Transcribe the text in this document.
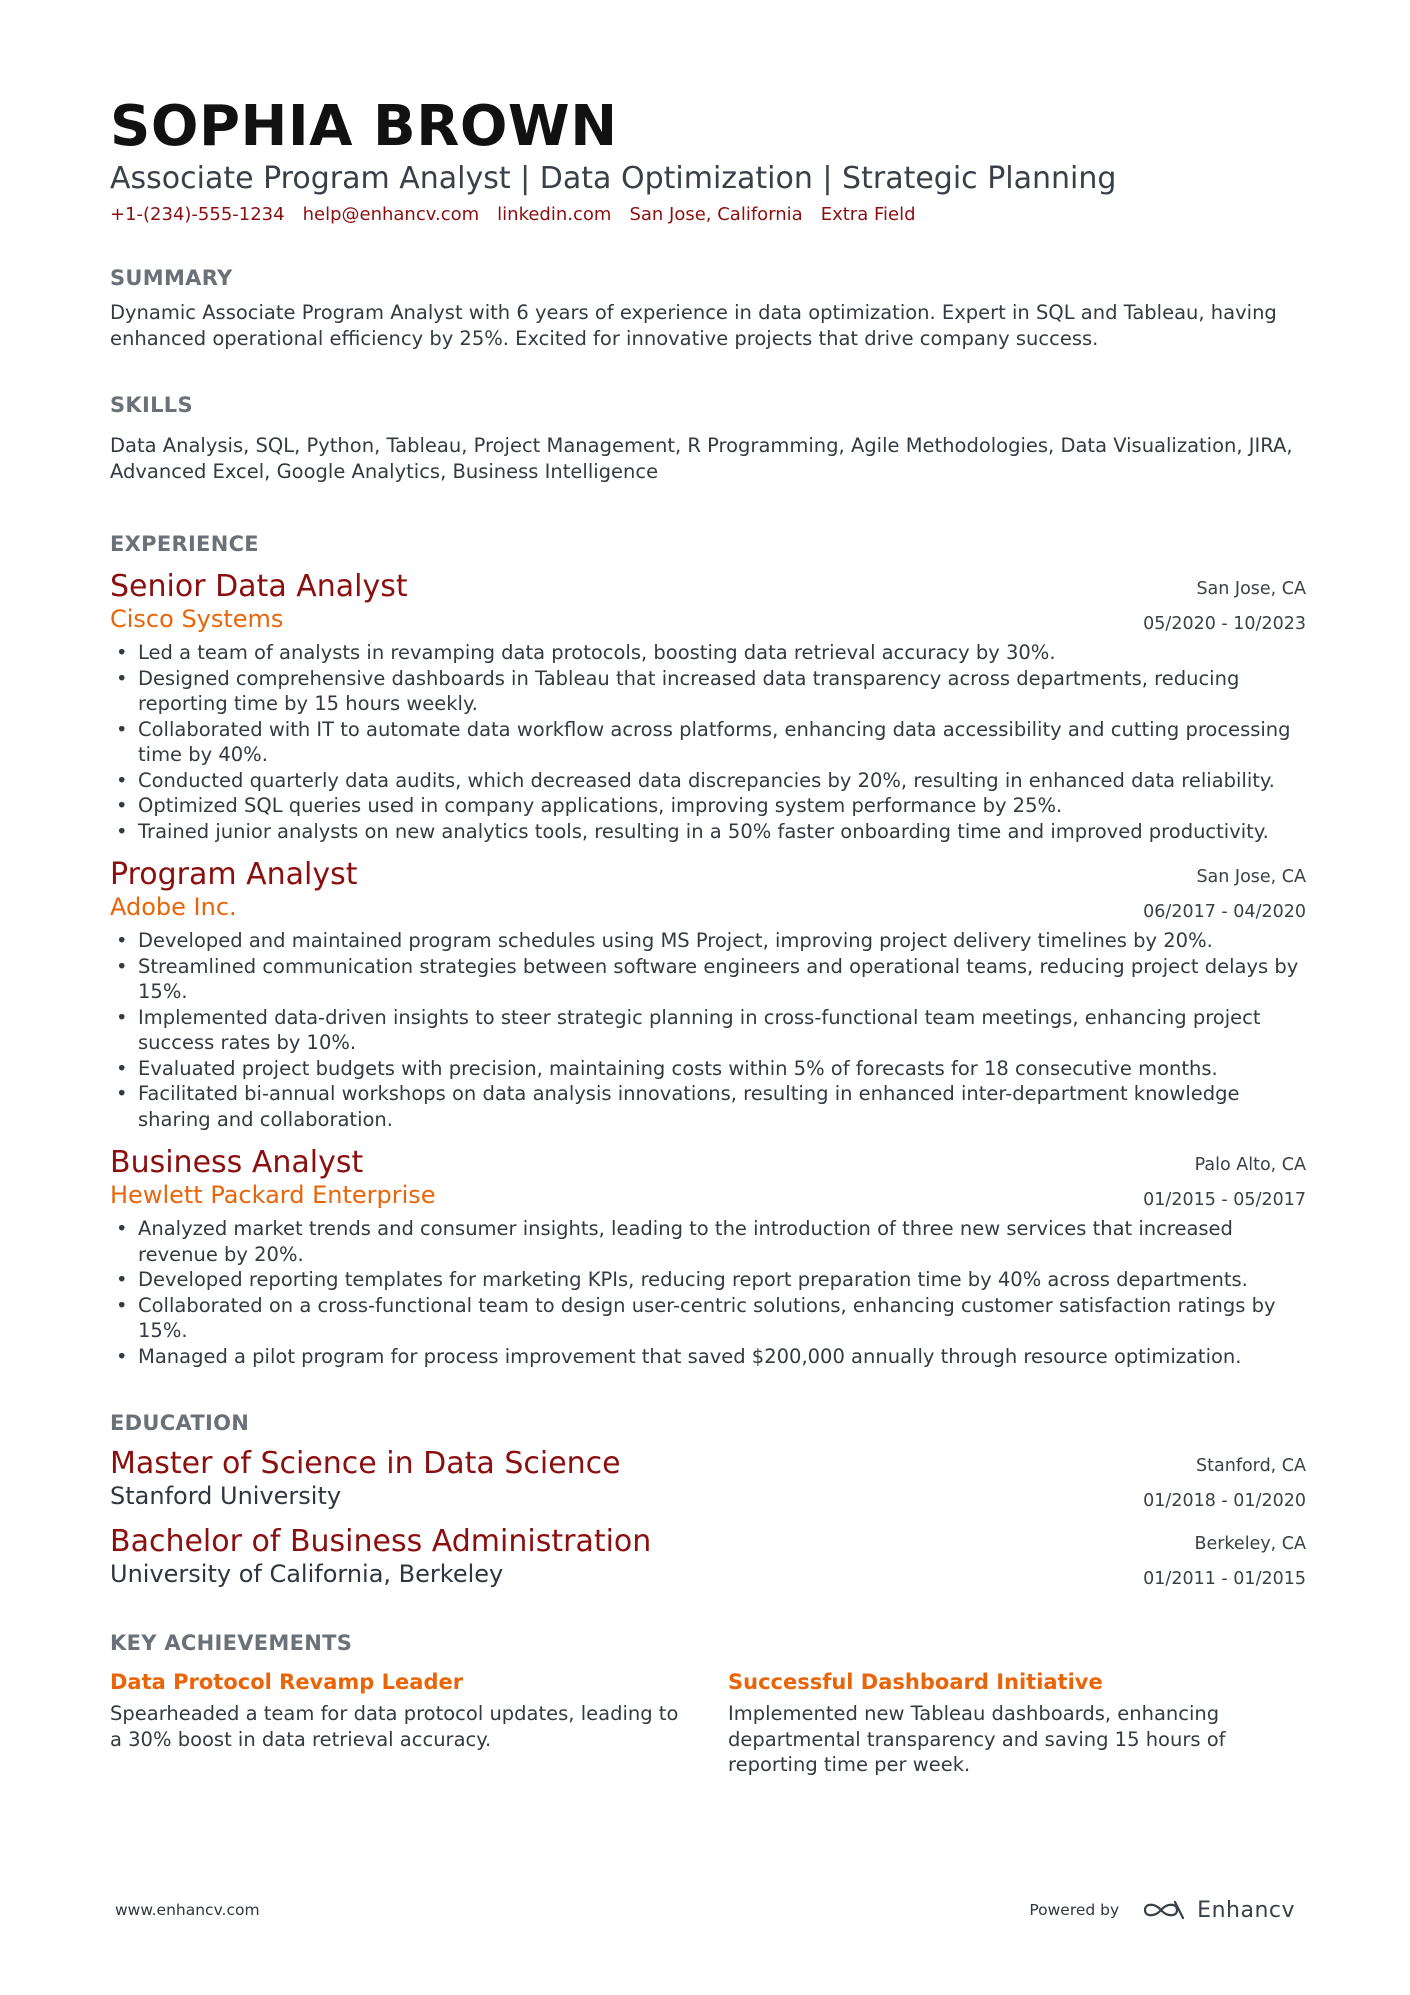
SOPHIA BROWN
Associate Program Analyst | Data Optimization | Strategic Planning
+1-(234)-555-1234 help@enhancv.com linkedin.com San Jose, California Extra Field
SUMMARY
Dynamic Associate Program Analyst with 6 years of experience in data optimization. Expert in SQL and Tableau, having enhanced operational efficiency by 25%. Excited for innovative projects that drive company success.
SKILLS
Data Analysis, SQL, Python, Tableau, Project Management, R Programming, Agile Methodologies, Data Visualization, JIRA, Advanced Excel, Google Analytics, Business Intelligence
EXPERIENCE
Senior Data Analyst
Cisco Systems
San Jose, CA
05/2020 - 10/2023
• Led a team of analysts in revamping data protocols, boosting data retrieval accuracy by 30%.
• Designed comprehensive dashboards in Tableau that increased data transparency across departments, reducing reporting time by 15 hours weekly.
• Collaborated with IT to automate data workflow across platforms, enhancing data accessibility and cutting processing time by 40%.
• Conducted quarterly data audits, which decreased data discrepancies by 20%, resulting in enhanced data reliability.
• Optimized SQL queries used in company applications, improving system performance by 25%.
• Trained junior analysts on new analytics tools, resulting in a 50% faster onboarding time and improved productivity.
Program Analyst
Adobe Inc.
San Jose, CA
06/2017 - 04/2020
• Developed and maintained program schedules using MS Project, improving project delivery timelines by 20%.
• Streamlined communication strategies between software engineers and operational teams, reducing project delays by 15%.
• Implemented data-driven insights to steer strategic planning in cross-functional team meetings, enhancing project success rates by 10%.
• Evaluated project budgets with precision, maintaining costs within 5% of forecasts for 18 consecutive months.
• Facilitated bi-annual workshops on data analysis innovations, resulting in enhanced inter-department knowledge sharing and collaboration.
Business Analyst
Hewlett Packard Enterprise
Palo Alto, CA
01/2015 - 05/2017
• Analyzed market trends and consumer insights, leading to the introduction of three new services that increased revenue by 20%.
• Developed reporting templates for marketing KPIs, reducing report preparation time by 40% across departments.
• Collaborated on a cross-functional team to design user-centric solutions, enhancing customer satisfaction ratings by 15%.
• Managed a pilot program for process improvement that saved $200,000 annually through resource optimization.
EDUCATION
Master of Science in Data Science
Stanford University
Stanford, CA
01/2018 - 01/2020
Bachelor of Business Administration
University of California, Berkeley
Berkeley, CA
01/2011 - 01/2015
KEY ACHIEVEMENTS
Data Protocol Revamp Leader
Spearheaded a team for data protocol updates, leading to a 30% boost in data retrieval accuracy.
Successful Dashboard Initiative
Implemented new Tableau dashboards, enhancing departmental transparency and saving 15 hours of reporting time per week.
www.enhancv.com	Powered by	Enhancv
